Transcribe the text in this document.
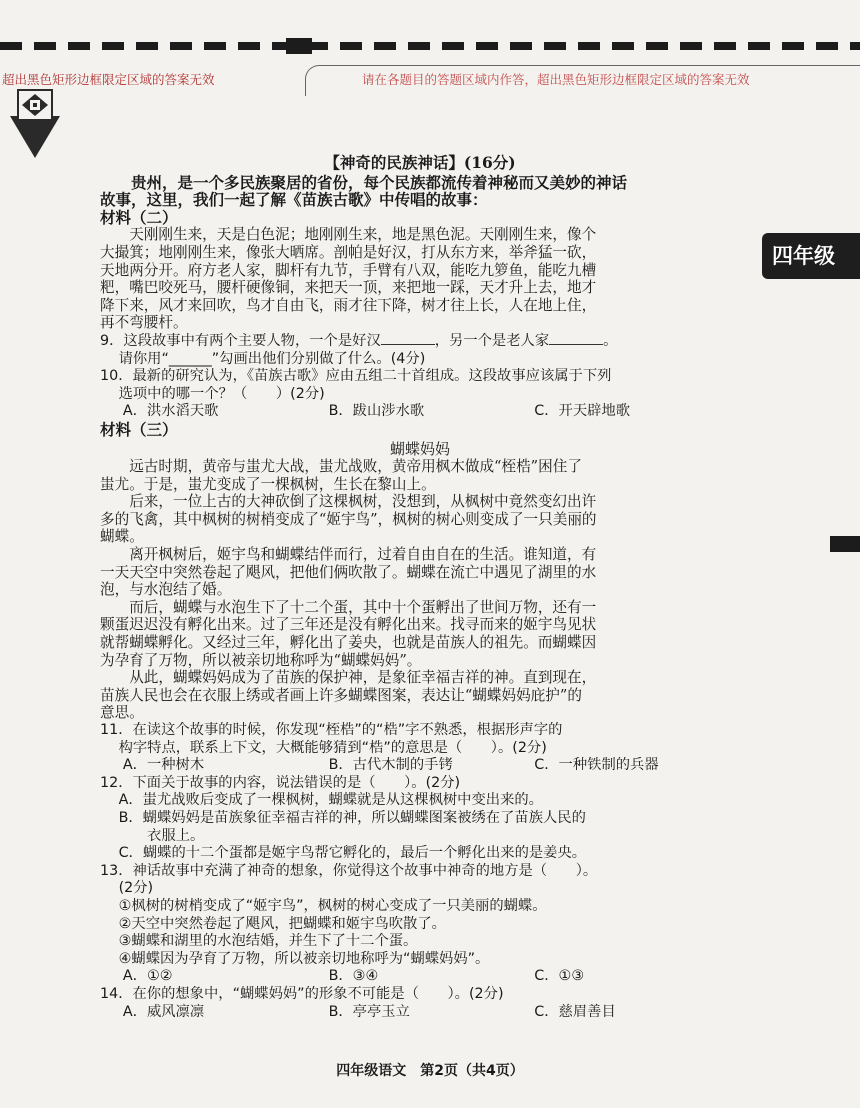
超出黑色矩形边框限定区域的答案无效	请在各题目的答题区域内作答，超出黑色矩形边框限定区域的答案无效
四年级

【神奇的民族神话】(16分)

贵州，是一个多民族聚居的省份，每个民族都流传着神秘而又美妙的神话

故事，这里，我们一起了解《苗族古歌》中传唱的故事：

材料（二）

天刚刚生来，天是白色泥；地刚刚生来，地是黑色泥。天刚刚生来，像个

大撮箕；地刚刚生来，像张大晒席。剖帕是好汉，打从东方来，举斧猛一砍，

天地两分开。府方老人家，脚杆有九节，手臂有八双，能吃九箩鱼，能吃九槽

粑，嘴巴咬死马，腰杆硬像铜，来把天一顶，来把地一踩，天才升上去，地才

降下来，风才来回吹，鸟才自由飞，雨才往下降，树才往上长，人在地上住，

再不弯腰杆。

9．这段故事中有两个主要人物，一个是好汉	，另一个是老人家	。

请你用“______”勾画出他们分别做了什么。(4分)

10．最新的研究认为，《苗族古歌》应由五组二十首组成。这段故事应该属于下列

选项中的哪一个？（　　）(2分)

A．洪水滔天歌	B．跋山涉水歌	C．开天辟地歌

材料（三）

蝴蝶妈妈

远古时期，黄帝与蚩尤大战，蚩尤战败，黄帝用枫木做成“桎梏”困住了

蚩尤。于是，蚩尤变成了一棵枫树，生长在黎山上。

后来，一位上古的大神砍倒了这棵枫树，没想到，从枫树中竟然变幻出许

多的飞禽，其中枫树的树梢变成了“姬宇鸟”，枫树的树心则变成了一只美丽的

蝴蝶。

离开枫树后，姬宇鸟和蝴蝶结伴而行，过着自由自在的生活。谁知道，有

一天天空中突然卷起了飓风，把他们俩吹散了。蝴蝶在流亡中遇见了湖里的水

泡，与水泡结了婚。

而后，蝴蝶与水泡生下了十二个蛋，其中十个蛋孵出了世间万物，还有一

颗蛋迟迟没有孵化出来。过了三年还是没有孵化出来。找寻而来的姬宇鸟见状

就帮蝴蝶孵化。又经过三年，孵化出了姜央，也就是苗族人的祖先。而蝴蝶因

为孕育了万物，所以被亲切地称呼为“蝴蝶妈妈”。

从此，蝴蝶妈妈成为了苗族的保护神，是象征幸福吉祥的神。直到现在，

苗族人民也会在衣服上绣或者画上许多蝴蝶图案，表达让“蝴蝶妈妈庇护”的

意思。

11．在读这个故事的时候，你发现“桎梏”的“梏”字不熟悉，根据形声字的

构字特点，联系上下文，大概能够猜到“梏”的意思是（　　）。(2分)

A．一种树木	B．古代木制的手铐	C．一种铁制的兵器

12．下面关于故事的内容，说法错误的是（　　）。(2分)

A．蚩尤战败后变成了一棵枫树，蝴蝶就是从这棵枫树中变出来的。

B．蝴蝶妈妈是苗族象征幸福吉祥的神，所以蝴蝶图案被绣在了苗族人民的

　　衣服上。

C．蝴蝶的十二个蛋都是姬宇鸟帮它孵化的，最后一个孵化出来的是姜央。

13．神话故事中充满了神奇的想象，你觉得这个故事中神奇的地方是（　　）。

(2分)

①枫树的树梢变成了“姬宇鸟”，枫树的树心变成了一只美丽的蝴蝶。

②天空中突然卷起了飓风，把蝴蝶和姬宇鸟吹散了。

③蝴蝶和湖里的水泡结婚，并生下了十二个蛋。

④蝴蝶因为孕育了万物，所以被亲切地称呼为“蝴蝶妈妈”。

A．①②	B．③④	C．①③

14．在你的想象中，“蝴蝶妈妈”的形象不可能是（　　）。(2分)

A．威风凛凛	B．亭亭玉立	C．慈眉善目
四年级语文　第2页（共4页）
